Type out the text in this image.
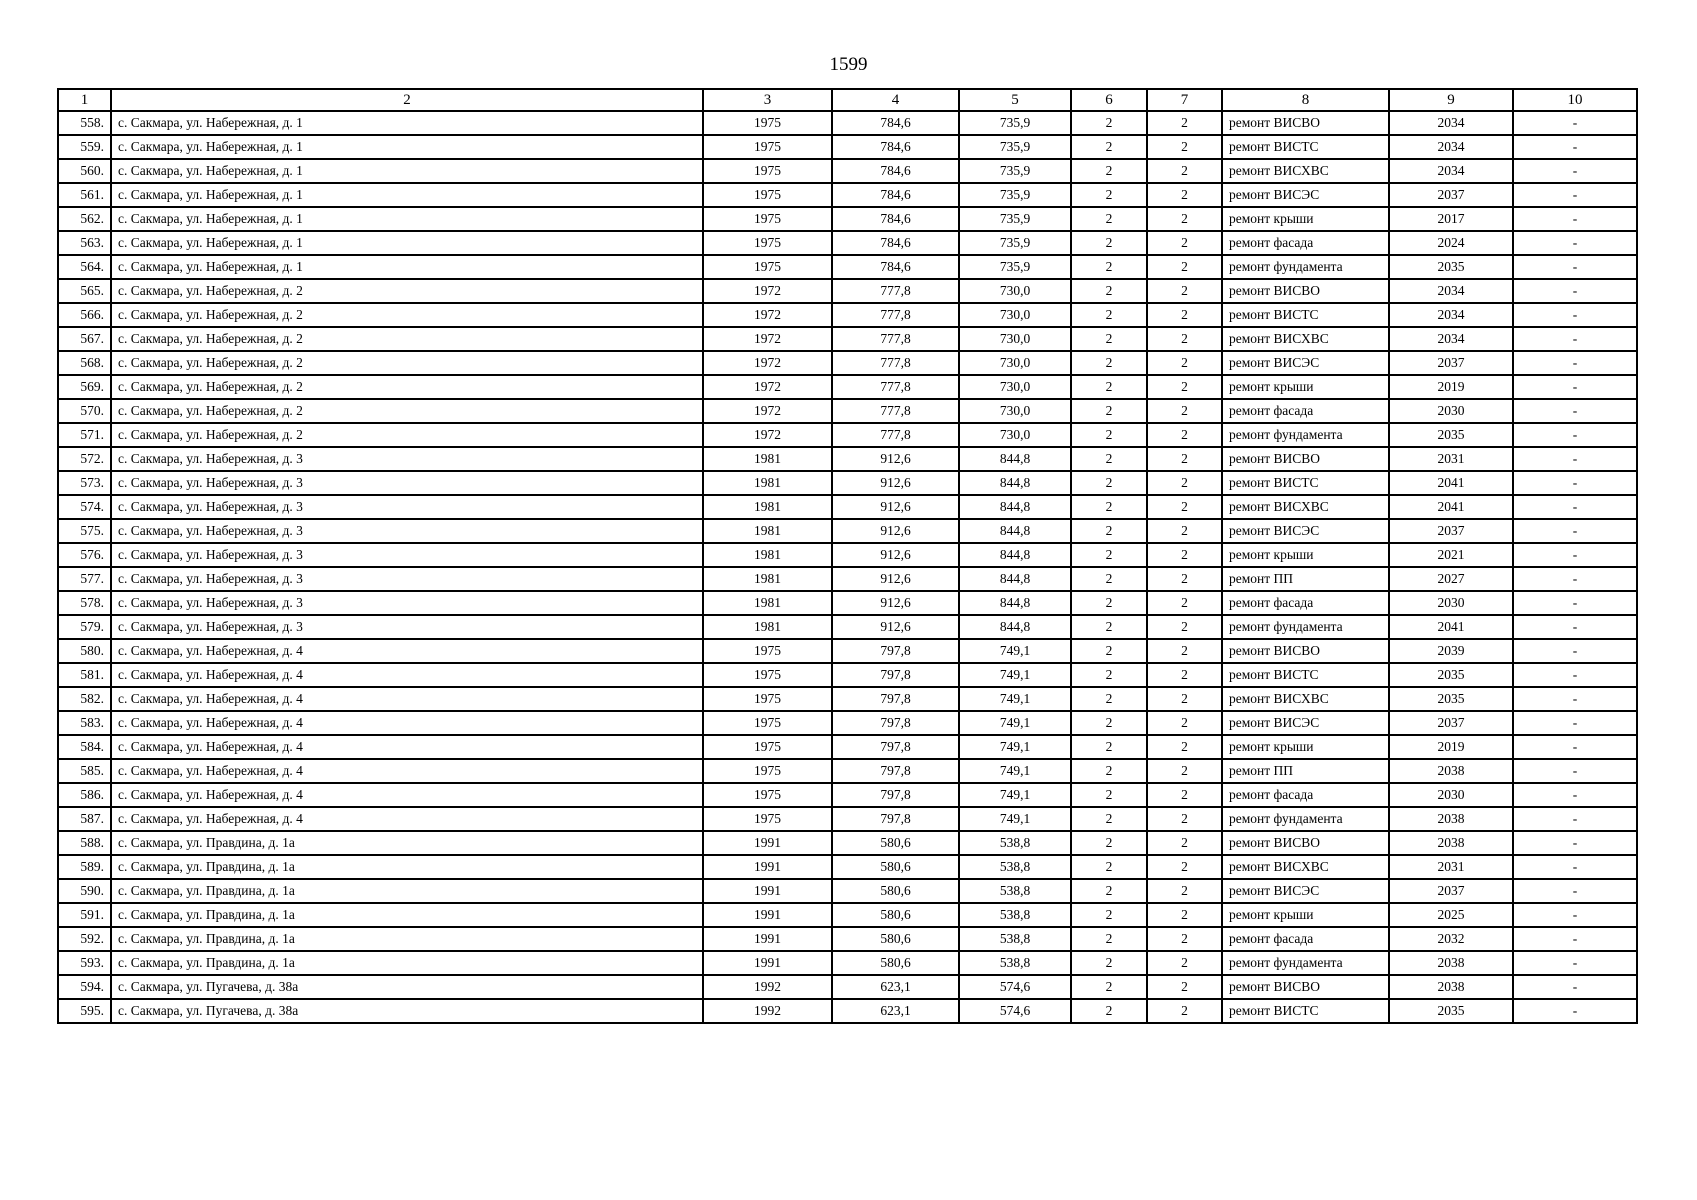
1599
1	2	3	4	5	6	7	8	9	10
558.	с. Сакмара, ул. Набережная, д. 1	1975	784,6	735,9	2	2	ремонт ВИСВО	2034	-
559.	с. Сакмара, ул. Набережная, д. 1	1975	784,6	735,9	2	2	ремонт ВИСТС	2034	-
560.	с. Сакмара, ул. Набережная, д. 1	1975	784,6	735,9	2	2	ремонт ВИСХВС	2034	-
561.	с. Сакмара, ул. Набережная, д. 1	1975	784,6	735,9	2	2	ремонт ВИСЭС	2037	-
562.	с. Сакмара, ул. Набережная, д. 1	1975	784,6	735,9	2	2	ремонт крыши	2017	-
563.	с. Сакмара, ул. Набережная, д. 1	1975	784,6	735,9	2	2	ремонт фасада	2024	-
564.	с. Сакмара, ул. Набережная, д. 1	1975	784,6	735,9	2	2	ремонт фундамента	2035	-
565.	с. Сакмара, ул. Набережная, д. 2	1972	777,8	730,0	2	2	ремонт ВИСВО	2034	-
566.	с. Сакмара, ул. Набережная, д. 2	1972	777,8	730,0	2	2	ремонт ВИСТС	2034	-
567.	с. Сакмара, ул. Набережная, д. 2	1972	777,8	730,0	2	2	ремонт ВИСХВС	2034	-
568.	с. Сакмара, ул. Набережная, д. 2	1972	777,8	730,0	2	2	ремонт ВИСЭС	2037	-
569.	с. Сакмара, ул. Набережная, д. 2	1972	777,8	730,0	2	2	ремонт крыши	2019	-
570.	с. Сакмара, ул. Набережная, д. 2	1972	777,8	730,0	2	2	ремонт фасада	2030	-
571.	с. Сакмара, ул. Набережная, д. 2	1972	777,8	730,0	2	2	ремонт фундамента	2035	-
572.	с. Сакмара, ул. Набережная, д. 3	1981	912,6	844,8	2	2	ремонт ВИСВО	2031	-
573.	с. Сакмара, ул. Набережная, д. 3	1981	912,6	844,8	2	2	ремонт ВИСТС	2041	-
574.	с. Сакмара, ул. Набережная, д. 3	1981	912,6	844,8	2	2	ремонт ВИСХВС	2041	-
575.	с. Сакмара, ул. Набережная, д. 3	1981	912,6	844,8	2	2	ремонт ВИСЭС	2037	-
576.	с. Сакмара, ул. Набережная, д. 3	1981	912,6	844,8	2	2	ремонт крыши	2021	-
577.	с. Сакмара, ул. Набережная, д. 3	1981	912,6	844,8	2	2	ремонт ПП	2027	-
578.	с. Сакмара, ул. Набережная, д. 3	1981	912,6	844,8	2	2	ремонт фасада	2030	-
579.	с. Сакмара, ул. Набережная, д. 3	1981	912,6	844,8	2	2	ремонт фундамента	2041	-
580.	с. Сакмара, ул. Набережная, д. 4	1975	797,8	749,1	2	2	ремонт ВИСВО	2039	-
581.	с. Сакмара, ул. Набережная, д. 4	1975	797,8	749,1	2	2	ремонт ВИСТС	2035	-
582.	с. Сакмара, ул. Набережная, д. 4	1975	797,8	749,1	2	2	ремонт ВИСХВС	2035	-
583.	с. Сакмара, ул. Набережная, д. 4	1975	797,8	749,1	2	2	ремонт ВИСЭС	2037	-
584.	с. Сакмара, ул. Набережная, д. 4	1975	797,8	749,1	2	2	ремонт крыши	2019	-
585.	с. Сакмара, ул. Набережная, д. 4	1975	797,8	749,1	2	2	ремонт ПП	2038	-
586.	с. Сакмара, ул. Набережная, д. 4	1975	797,8	749,1	2	2	ремонт фасада	2030	-
587.	с. Сакмара, ул. Набережная, д. 4	1975	797,8	749,1	2	2	ремонт фундамента	2038	-
588.	с. Сакмара, ул. Правдина, д. 1а	1991	580,6	538,8	2	2	ремонт ВИСВО	2038	-
589.	с. Сакмара, ул. Правдина, д. 1а	1991	580,6	538,8	2	2	ремонт ВИСХВС	2031	-
590.	с. Сакмара, ул. Правдина, д. 1а	1991	580,6	538,8	2	2	ремонт ВИСЭС	2037	-
591.	с. Сакмара, ул. Правдина, д. 1а	1991	580,6	538,8	2	2	ремонт крыши	2025	-
592.	с. Сакмара, ул. Правдина, д. 1а	1991	580,6	538,8	2	2	ремонт фасада	2032	-
593.	с. Сакмара, ул. Правдина, д. 1а	1991	580,6	538,8	2	2	ремонт фундамента	2038	-
594.	с. Сакмара, ул. Пугачева, д. 38а	1992	623,1	574,6	2	2	ремонт ВИСВО	2038	-
595.	с. Сакмара, ул. Пугачева, д. 38а	1992	623,1	574,6	2	2	ремонт ВИСТС	2035	-
